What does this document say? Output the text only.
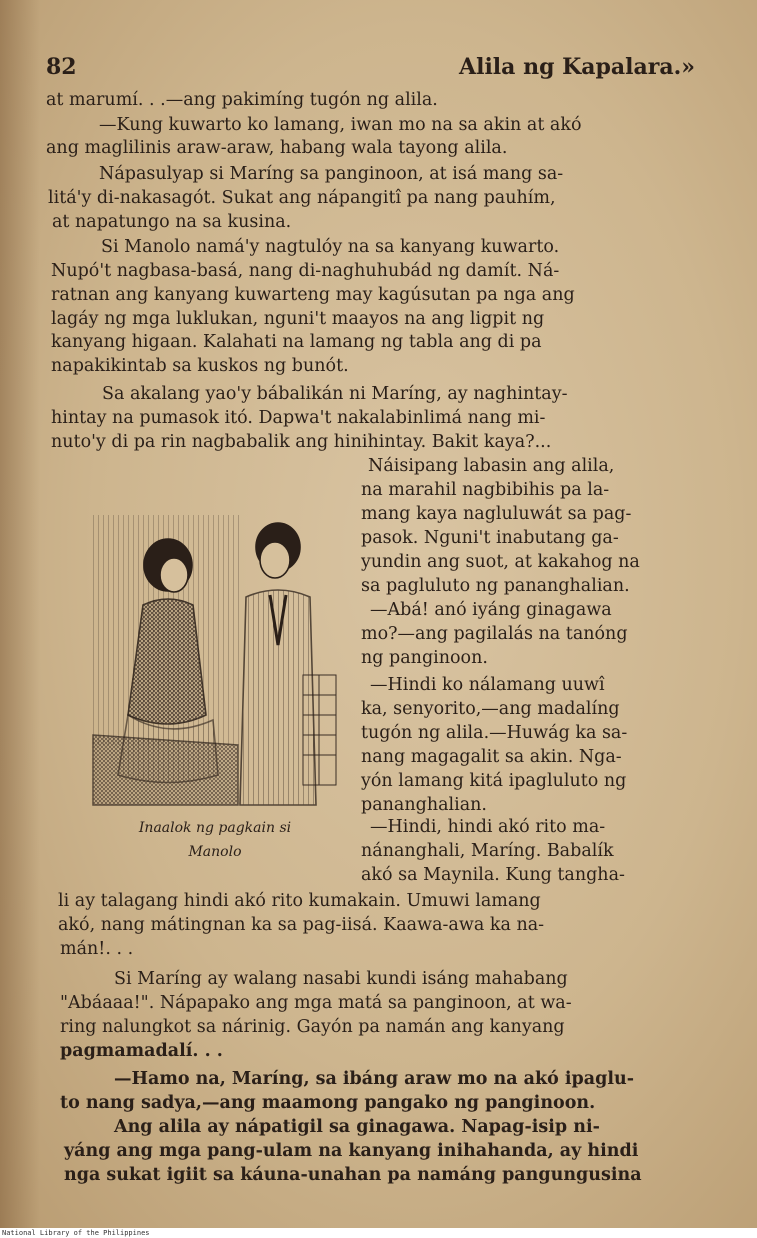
82	Alila ng Kapalara.»
at marumí. . .—ang pakimíng tugón ng alila.
—Kung kuwarto ko lamang, iwan mo na sa akin at akó
ang maglilinis araw-araw, habang wala tayong alila.
Nápasulyap si Maríng sa panginoon, at isá mang sa-
litá'y di-nakasagót. Sukat ang nápangitî pa nang pauhím,
at napatungo na sa kusina.
Si Manolo namá'y nagtulóy na sa kanyang kuwarto.
Nupó't nagbasa-basá, nang di-naghuhubád ng damít. Ná-
ratnan ang kanyang kuwarteng may kagúsutan pa nga ang
lagáy ng mga luklukan, nguni't maayos na ang ligpit ng
kanyang higaan. Kalahati na lamang ng tabla ang di pa
napakikintab sa kuskos ng bunót.
Sa akalang yao'y bábalikán ni Maríng, ay naghintay-
hintay na pumasok itó. Dapwa't nakalabinlimá nang mi-
nuto'y di pa rin nagbabalik ang hinihintay. Bakit kaya?...
Náisipang labasin ang alila,
na marahil nagbibihis pa la-
mang kaya nagluluwát sa pag-
pasok. Nguni't inabutang ga-
yundin ang suot, at kakahog na
sa pagluluto ng pananghalian.
—Abá! anó iyáng ginagawa
mo?—ang pagilalás na tanóng
ng panginoon.
—Hindi ko nálamang uuwî
ka, senyorito,—ang madalíng
tugón ng alila.—Huwág ka sa-
nang magagalit sa akin. Nga-
yón lamang kitá ipagluluto ng
pananghalian.
—Hindi, hindi akó rito ma-
nánanghali, Maríng. Babalík
akó sa Maynila. Kung tangha-
li ay talagang hindi akó rito kumakain. Umuwi lamang
akó, nang mátingnan ka sa pag-iisá. Kaawa-awa ka na-
mán!. . .
Si Maríng ay walang nasabi kundi isáng mahabang
"Abáaaa!". Nápapako ang mga matá sa panginoon, at wa-
ring nalungkot sa nárinig. Gayón pa namán ang kanyang
pagmamadalí. . .
—Hamo na, Maríng, sa ibáng araw mo na akó ipaglu-
to nang sadya,—ang maamong pangako ng panginoon.
Ang alila ay nápatigil sa ginagawa. Napag-isip ni-
yáng ang mga pang-ulam na kanyang inihahanda, ay hindi
nga sukat igiit sa káuna-unahan pa namáng pangungusina
Inaalok ng pagkain si
Manolo
National Library of the Philippines
